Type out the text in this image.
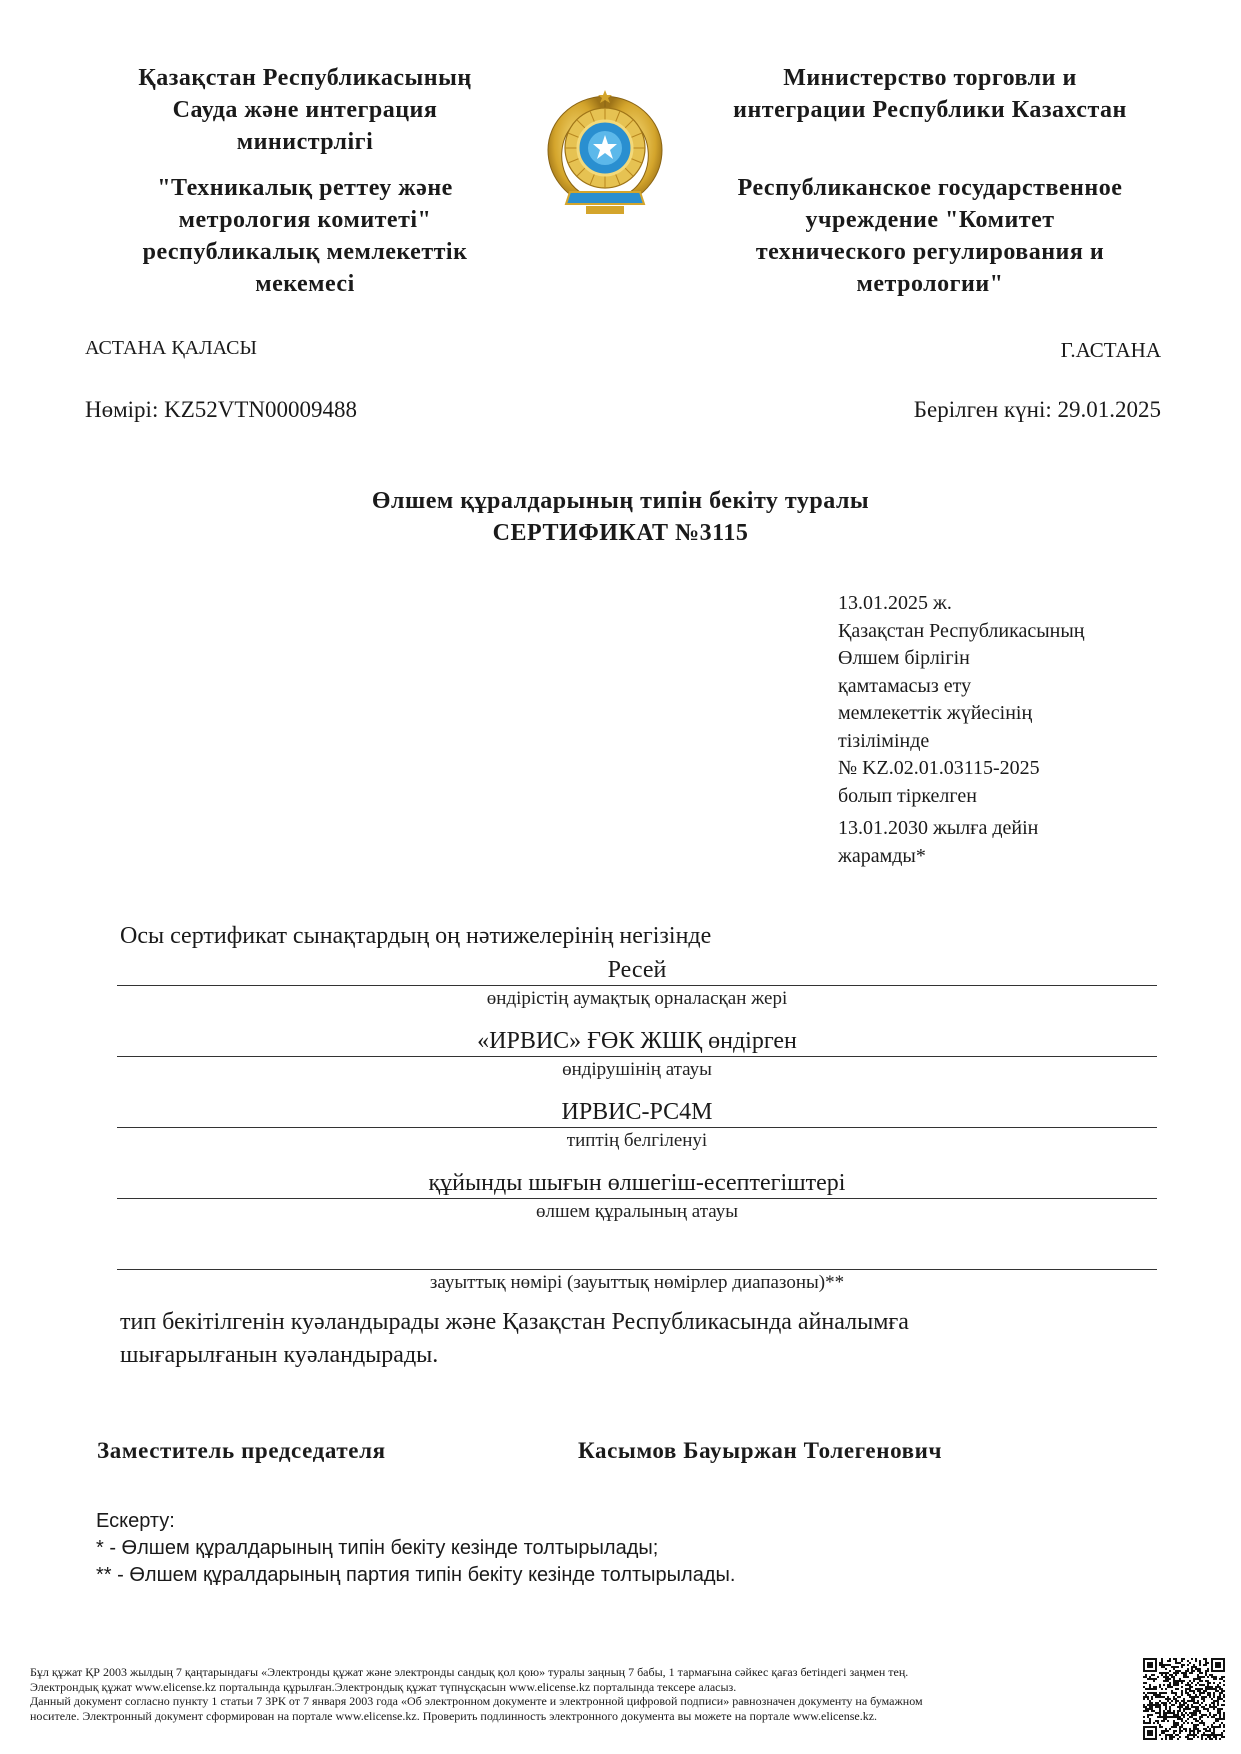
Қазақстан Республикасының
Сауда және интеграция
министрлігі
"Техникалық реттеу және
метрология комитеті"
республикалық мемлекеттік
мекемесі
Министерство торговли и
интеграции Республики Казахстан
Республиканское государственное
учреждение "Комитет
технического регулирования и
метрологии"
АСТАНА ҚАЛАСЫ	Г.АСТАНА
Нөмірі: KZ52VTN00009488	Берілген күні: 29.01.2025
Өлшем құралдарының типін бекіту туралы
СЕРТИФИКАТ №3115
13.01.2025 ж.
Қазақстан Республикасының
Өлшем бірлігін
қамтамасыз ету
мемлекеттік жүйесінің
тізілімінде
№ KZ.02.01.03115-2025
болып тіркелген
13.01.2030 жылға дейін
жарамды*
Осы сертификат сынақтардың оң нәтижелерінің негізінде
Ресей
өндірістің аумақтық орналасқан жері
«ИРВИС» ҒӨК ЖШҚ өндірген
өндірушінің атауы
ИРВИС-РС4М
типтің белгіленуі
құйынды шығын өлшегіш-есептегіштері
өлшем құралының атауы
зауыттық нөмірі (зауыттық нөмірлер диапазоны)**
тип бекітілгенін куәландырады және Қазақстан Республикасында айналымға
шығарылғанын куәландырады.
Заместитель председателя	Касымов Бауыржан Толегенович
Ескерту:
* - Өлшем құралдарының типін бекіту кезінде толтырылады;
** - Өлшем құралдарының партия типін бекіту кезінде толтырылады.
Бұл құжат ҚР 2003 жылдың 7 қаңтарындағы «Электронды құжат және электронды сандық қол қою» туралы заңның 7 бабы, 1 тармағына сәйкес қағаз бетіндегі заңмен тең.
Электрондық құжат www.elicense.kz порталында құрылған.Электрондық құжат түпнұсқасын www.elicense.kz порталында тексере аласыз.
Данный документ согласно пункту 1 статьи 7 ЗРК от 7 января 2003 года «Об электронном документе и электронной цифровой подписи» равнозначен документу на бумажном
носителе. Электронный документ сформирован на портале www.elicense.kz. Проверить подлинность электронного документа вы можете на портале www.elicense.kz.
